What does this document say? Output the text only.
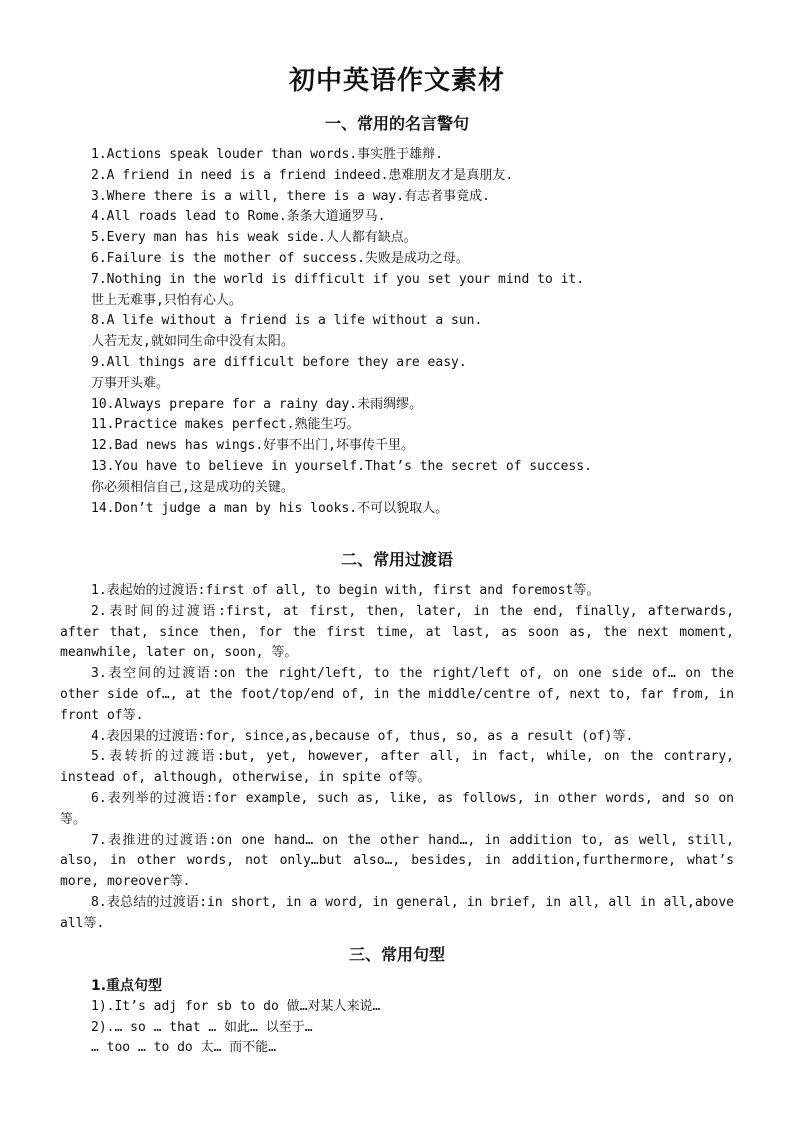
初中英语作文素材
一、常用的名言警句
1.Actions speak louder than words.事实胜于雄辩.
2.A friend in need is a friend indeed.患难朋友才是真朋友.
3.Where there is a will, there is a way.有志者事竟成.
4.All roads lead to Rome.条条大道通罗马.
5.Every man has his weak side.人人都有缺点。
6.Failure is the mother of success.失败是成功之母。
7.Nothing in the world is difficult if you set your mind to it.
世上无难事,只怕有心人。
8.A life without a friend is a life without a sun.
人若无友,就如同生命中没有太阳。
9.All things are difficult before they are easy.
万事开头难。
10.Always prepare for a rainy day.未雨绸缪。
11.Practice makes perfect.熟能生巧。
12.Bad news has wings.好事不出门,坏事传千里。
13.You have to believe in yourself.That’s the secret of success.
你必须相信自己,这是成功的关键。
14.Don’t judge a man by his looks.不可以貌取人。
二、常用过渡语

1.表起始的过渡语:first of all, to begin with, first and foremost等。

2.表时间的过渡语:first, at first, then, later, in the end, finally, afterwards, after that, since then, for the first time, at last, as soon as, the next moment, meanwhile, later on, soon, 等。

3.表空间的过渡语:on the right/left, to the right/left of, on one side of… on the other side of…, at the foot/top/end of, in the middle/centre of, next to, far from, in front of等.

4.表因果的过渡语:for, since,as,because of, thus, so, as a result (of)等.

5.表转折的过渡语:but, yet, however, after all, in fact, while, on the contrary, instead of, although, otherwise, in spite of等。

6.表列举的过渡语:for example, such as, like, as follows, in other words, and so on等。

7.表推进的过渡语:on one hand… on the other hand…, in addition to, as well, still, also, in other words, not only…but also…, besides, in addition,furthermore, what’s more, moreover等.

8.表总结的过渡语:in short, in a word, in general, in brief, in all, all in all,above all等.

三、常用句型
1.重点句型
1).It’s adj for sb to do 做…对某人来说…
2).… so … that … 如此… 以至于…
… too … to do 太… 而不能…
